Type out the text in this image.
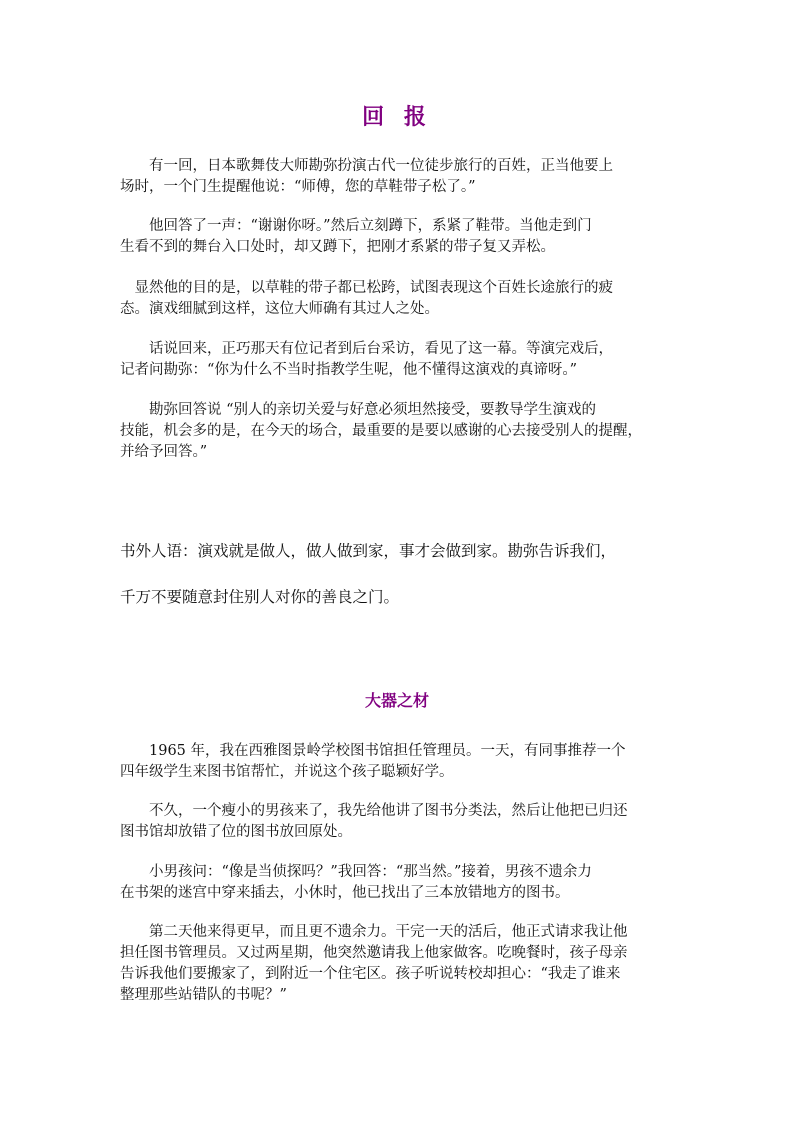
回 报

　　有一回，日本歌舞伎大师勘弥扮演古代一位徒步旅行的百姓，正当他要上
场时，一个门生提醒他说：“师傅，您的草鞋带子松了。”

　　他回答了一声：“谢谢你呀。”然后立刻蹲下，系紧了鞋带。当他走到门
生看不到的舞台入口处时，却又蹲下，把刚才系紧的带子复又弄松。

　显然他的目的是，以草鞋的带子都已松跨，试图表现这个百姓长途旅行的疲
态。演戏细腻到这样，这位大师确有其过人之处。

　　话说回来，正巧那天有位记者到后台采访，看见了这一幕。等演完戏后，
记者问勘弥：“你为什么不当时指教学生呢，他不懂得这演戏的真谛呀。”

　　勘弥回答说 “别人的亲切关爱与好意必须坦然接受，要教导学生演戏的
技能，机会多的是，在今天的场合，最重要的是要以感谢的心去接受别人的提醒，
并给予回答。”

书外人语：演戏就是做人，做人做到家，事才会做到家。勘弥告诉我们，
千万不要随意封住别人对你的善良之门。

大器之材

　　1965 年，我在西雅图景岭学校图书馆担任管理员。一天，有同事推荐一个
四年级学生来图书馆帮忙，并说这个孩子聪颖好学。

　　不久，一个瘦小的男孩来了，我先给他讲了图书分类法，然后让他把已归还
图书馆却放错了位的图书放回原处。

　　小男孩问：“像是当侦探吗？”我回答：“那当然。”接着，男孩不遗余力
在书架的迷宫中穿来插去，小休时，他已找出了三本放错地方的图书。

　　第二天他来得更早，而且更不遗余力。干完一天的活后，他正式请求我让他
担任图书管理员。又过两星期，他突然邀请我上他家做客。吃晚餐时，孩子母亲
告诉我他们要搬家了，到附近一个住宅区。孩子听说转校却担心：“我走了谁来
整理那些站错队的书呢？”
